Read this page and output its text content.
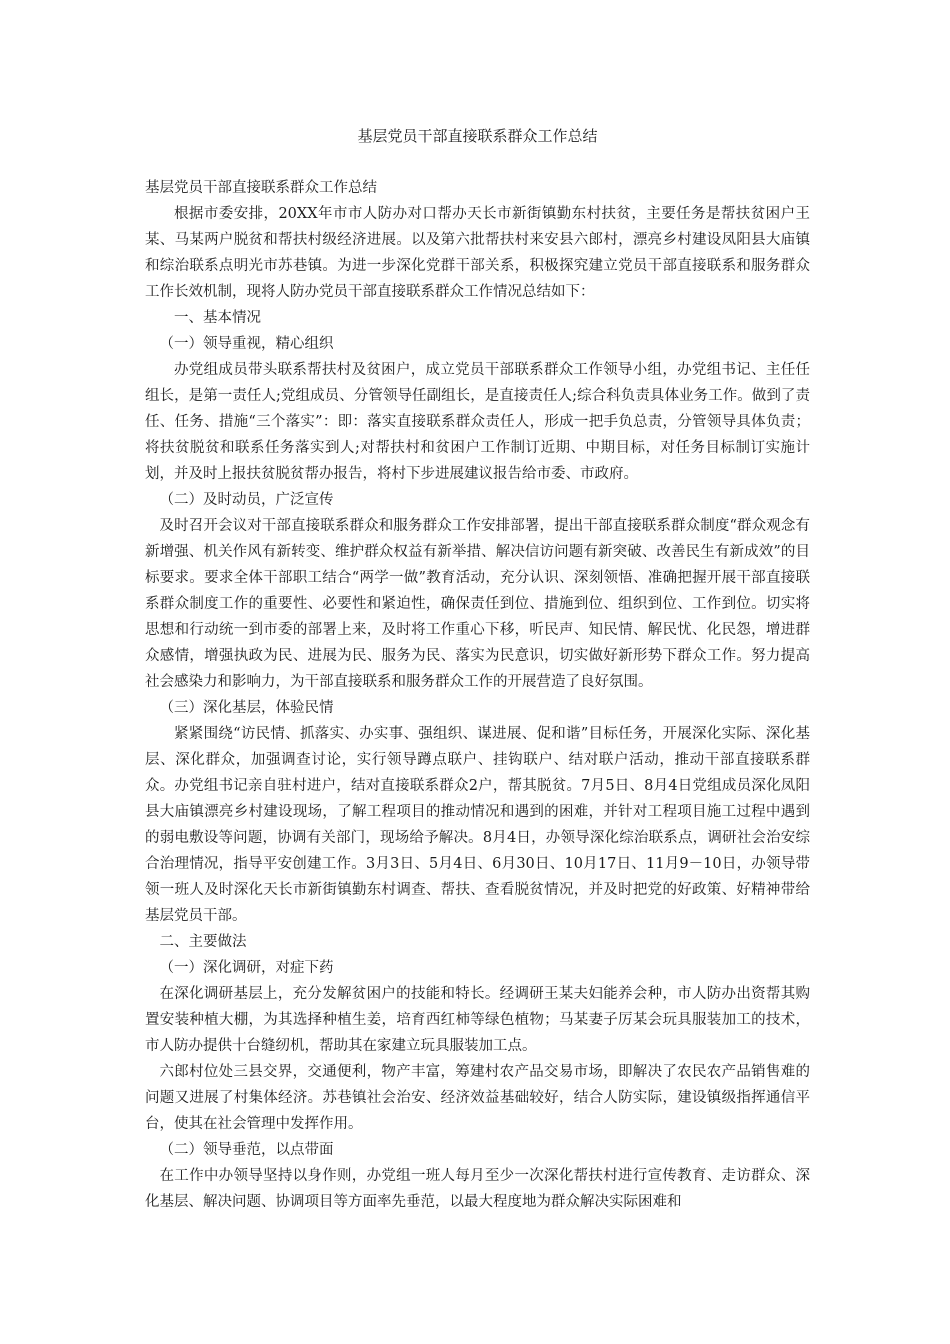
基层党员干部直接联系群众工作总结

基层党员干部直接联系群众工作总结

根据市委安排，20XX年市市人防办对口帮办天长市新街镇勤东村扶贫，主要任务是帮扶贫困户王某、马某两户脱贫和帮扶村级经济进展。以及第六批帮扶村来安县六郎村，漂亮乡村建设凤阳县大庙镇和综治联系点明光市苏巷镇。为进一步深化党群干部关系，积极探究建立党员干部直接联系和服务群众工作长效机制，现将人防办党员干部直接联系群众工作情况总结如下：

一、基本情况

（一）领导重视，精心组织

办党组成员带头联系帮扶村及贫困户，成立党员干部联系群众工作领导小组，办党组书记、主任任组长，是第一责任人;党组成员、分管领导任副组长，是直接责任人;综合科负责具体业务工作。做到了责任、任务、措施“三个落实”：即：落实直接联系群众责任人，形成一把手负总责，分管领导具体负责；将扶贫脱贫和联系任务落实到人;对帮扶村和贫困户工作制订近期、中期目标，对任务目标制订实施计划，并及时上报扶贫脱贫帮办报告，将村下步进展建议报告给市委、市政府。

（二）及时动员，广泛宣传

及时召开会议对干部直接联系群众和服务群众工作安排部署，提出干部直接联系群众制度“群众观念有新增强、机关作风有新转变、维护群众权益有新举措、解决信访问题有新突破、改善民生有新成效”的目标要求。要求全体干部职工结合“两学一做”教育活动，充分认识、深刻领悟、准确把握开展干部直接联系群众制度工作的重要性、必要性和紧迫性，确保责任到位、措施到位、组织到位、工作到位。切实将思想和行动统一到市委的部署上来，及时将工作重心下移，听民声、知民情、解民忧、化民怨，增进群众感情，增强执政为民、进展为民、服务为民、落实为民意识，切实做好新形势下群众工作。努力提高社会感染力和影响力，为干部直接联系和服务群众工作的开展营造了良好氛围。

（三）深化基层，体验民情

紧紧围绕“访民情、抓落实、办实事、强组织、谋进展、促和谐”目标任务，开展深化实际、深化基层、深化群众，加强调查讨论，实行领导蹲点联户、挂钩联户、结对联户活动，推动干部直接联系群众。办党组书记亲自驻村进户，结对直接联系群众2户，帮其脱贫。7月5日、8月4日党组成员深化凤阳县大庙镇漂亮乡村建设现场，了解工程项目的推动情况和遇到的困难，并针对工程项目施工过程中遇到的弱电敷设等问题，协调有关部门，现场给予解决。8月4日，办领导深化综治联系点，调研社会治安综合治理情况，指导平安创建工作。3月3日、5月4日、6月30日、10月17日、11月9－10日，办领导带领一班人及时深化天长市新街镇勤东村调查、帮扶、查看脱贫情况，并及时把党的好政策、好精神带给基层党员干部。

二、主要做法

（一）深化调研，对症下药

在深化调研基层上，充分发解贫困户的技能和特长。经调研王某夫妇能养会种，市人防办出资帮其购置安装种植大棚，为其选择种植生姜，培育西红柿等绿色植物；马某妻子厉某会玩具服装加工的技术，市人防办提供十台缝纫机，帮助其在家建立玩具服装加工点。

六郎村位处三县交界，交通便利，物产丰富，筹建村农产品交易市场，即解决了农民农产品销售难的问题又进展了村集体经济。苏巷镇社会治安、经济效益基础较好，结合人防实际，建设镇级指挥通信平台，使其在社会管理中发挥作用。

（二）领导垂范，以点带面

在工作中办领导坚持以身作则，办党组一班人每月至少一次深化帮扶村进行宣传教育、走访群众、深化基层、解决问题、协调项目等方面率先垂范，以最大程度地为群众解决实际困难和
